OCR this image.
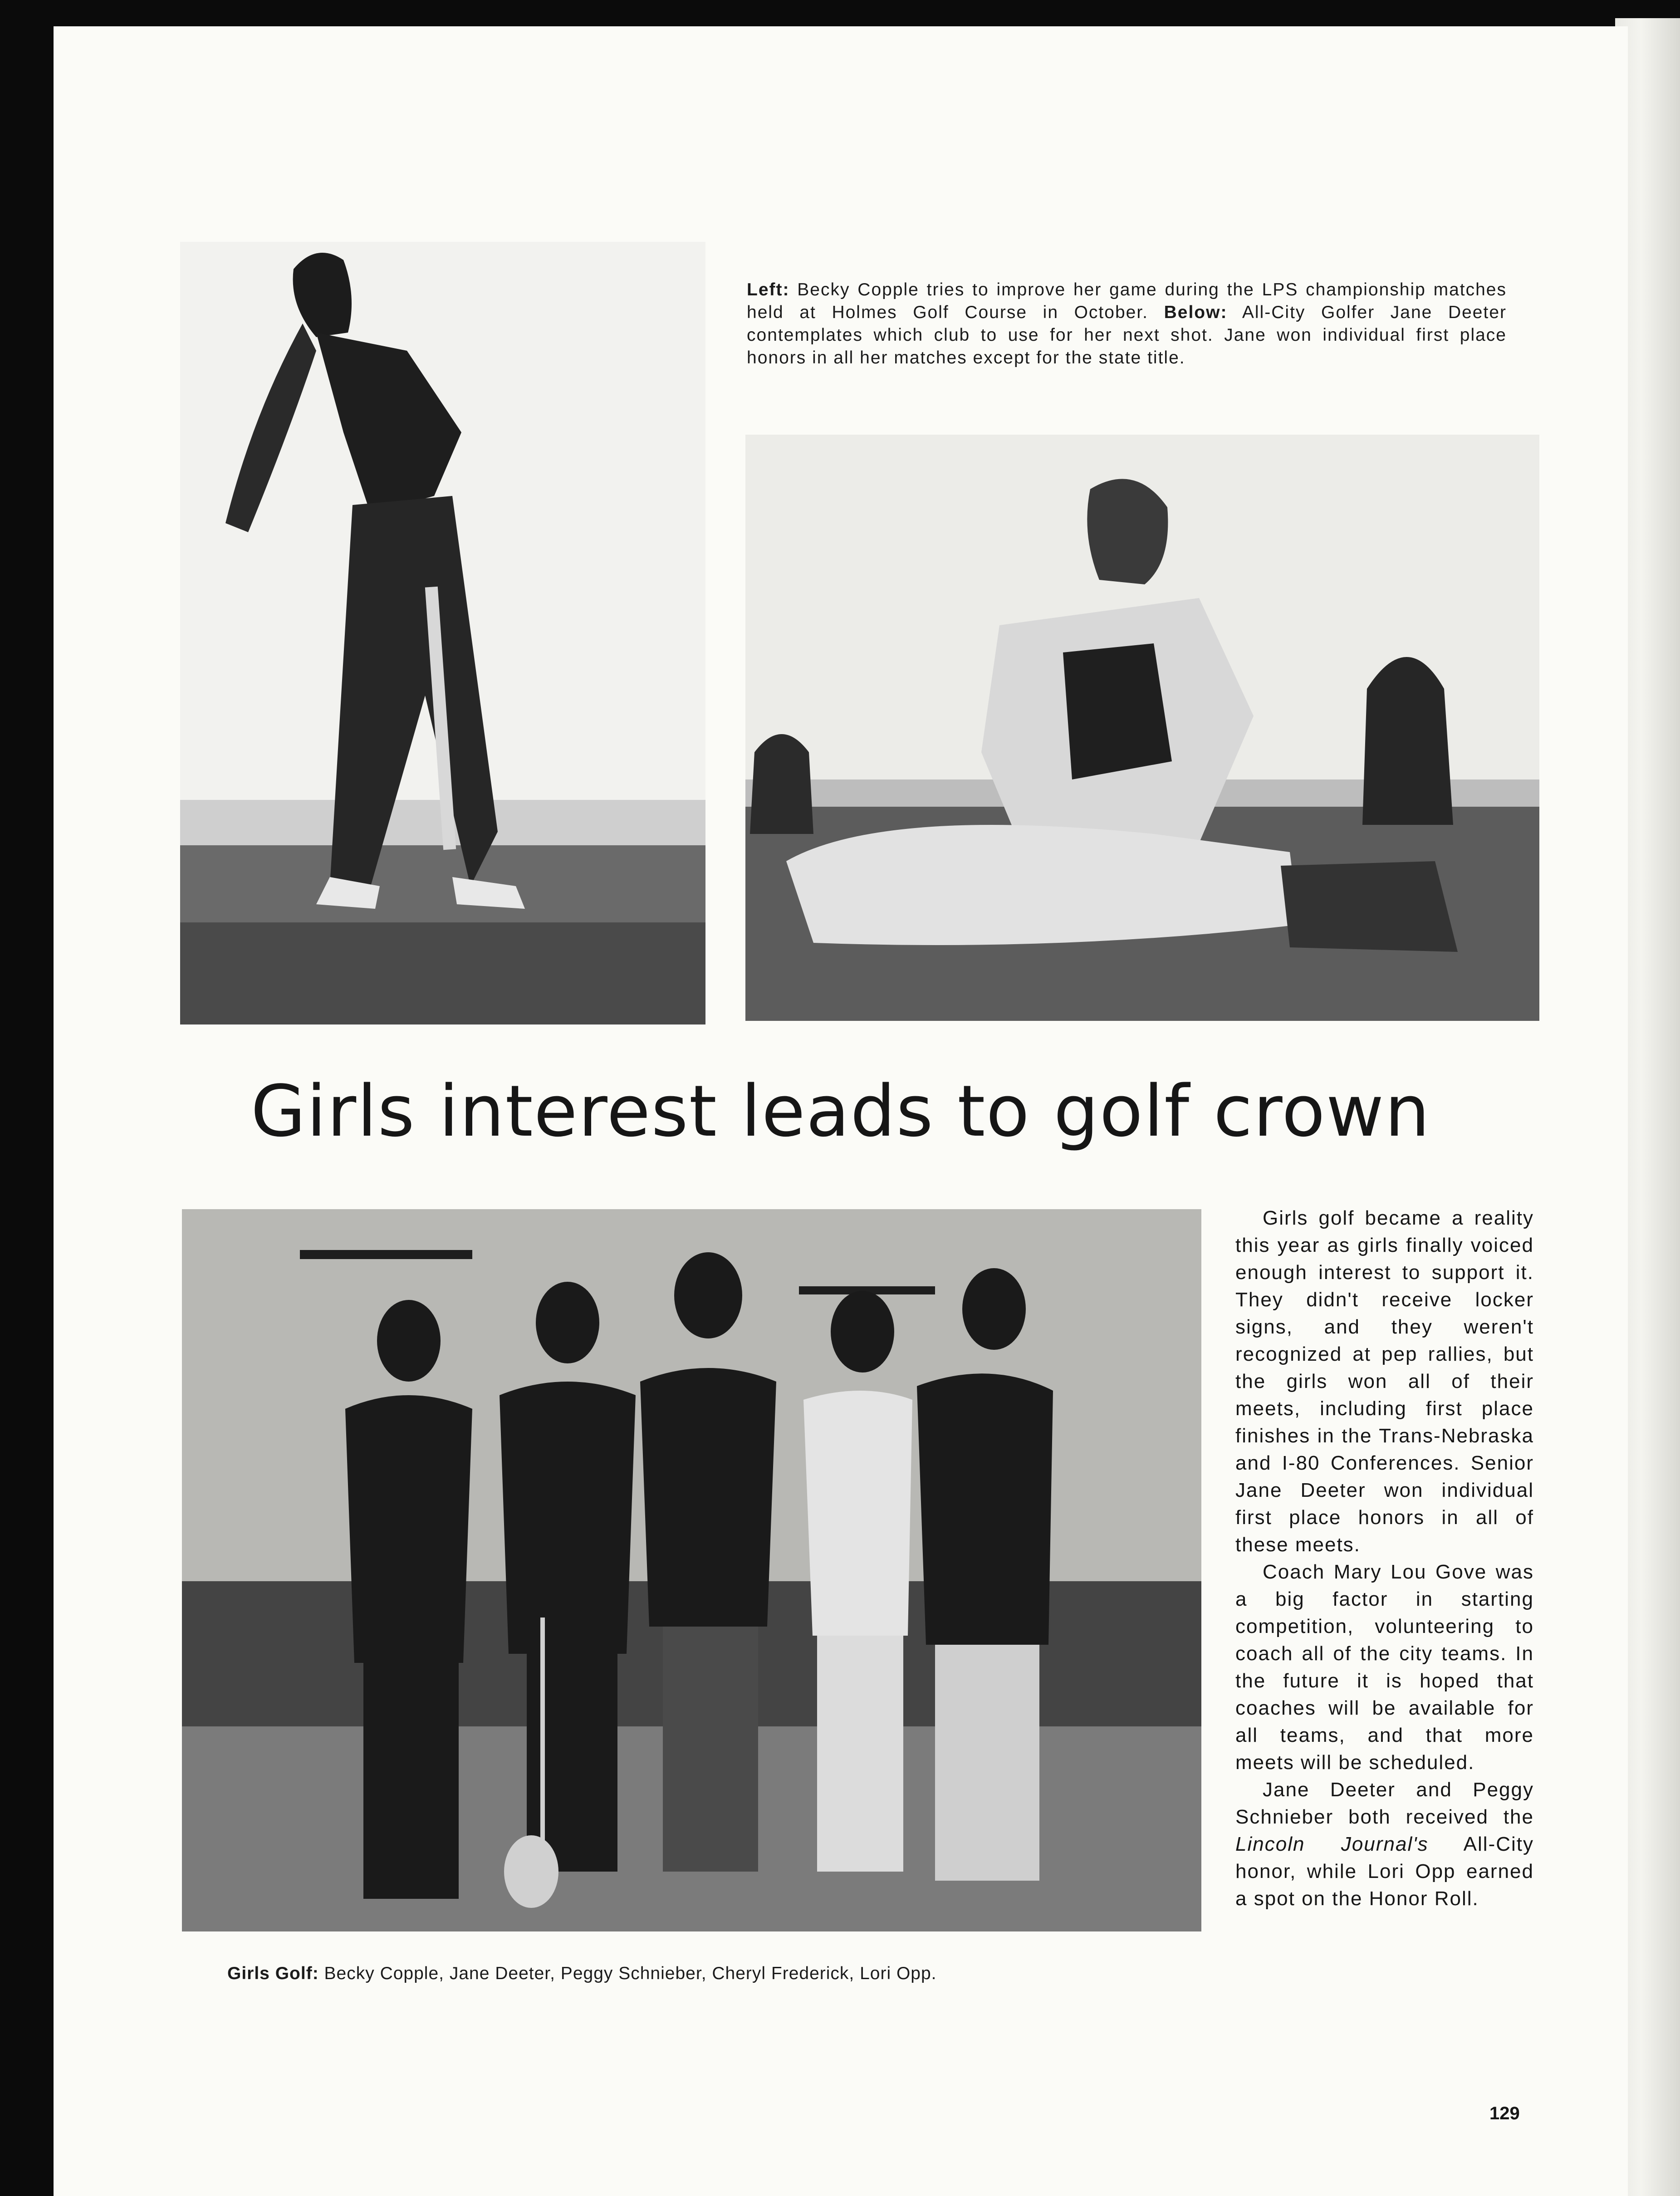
Left: Becky Copple tries to improve her game during the LPS championship matches held at Holmes Golf Course in October. Below: All-City Golfer Jane Deeter contemplates which club to use for her next shot. Jane won individual first place honors in all her matches except for the state title.
Girls interest leads to golf crown
Girls Golf: Becky Copple, Jane Deeter, Peggy Schnieber, Cheryl Frederick, Lori Opp.

Girls golf became a reality this year as girls finally voiced enough interest to support it. They didn't receive locker signs, and they weren't recognized at pep rallies, but the girls won all of their meets, including first place finishes in the Trans-Nebraska and I-80 Conferences. Senior Jane Deeter won individual first place honors in all of these meets.

Coach Mary Lou Gove was a big factor in starting competition, volunteering to coach all of the city teams. In the future it is hoped that coaches will be available for all teams, and that more meets will be scheduled.

Jane Deeter and Peggy Schnieber both received the Lincoln Journal's All-City honor, while Lori Opp earned a spot on the Honor Roll.

129
